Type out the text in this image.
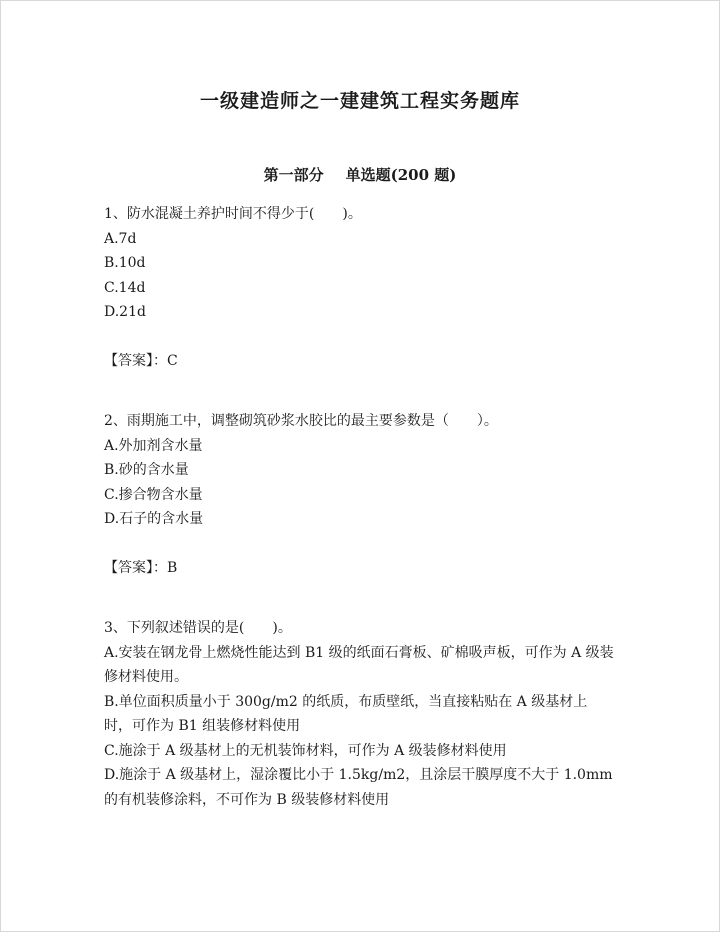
一级建造师之一建建筑工程实务题库
第一部分 单选题(200 题)
1、防水混凝土养护时间不得少于(　　)。
A.7d
B.10d
C.14d
D.21d
【答案】：C
2、雨期施工中，调整砌筑砂浆水胶比的最主要参数是（　　）。
A.外加剂含水量
B.砂的含水量
C.掺合物含水量
D.石子的含水量
【答案】：B
3、下列叙述错误的是(　　)。
A.安装在钢龙骨上燃烧性能达到 B1 级的纸面石膏板、矿棉吸声板，可作为 A 级装修材料使用。
B.单位面积质量小于 300g/m2 的纸质，布质壁纸，当直接粘贴在 A 级基材上时，可作为 B1 组装修材料使用
C.施涂于 A 级基材上的无机装饰材料，可作为 A 级装修材料使用
D.施涂于 A 级基材上，湿涂覆比小于 1.5kg/m2，且涂层干膜厚度不大于 1.0mm 的有机装修涂料，不可作为 B 级装修材料使用
